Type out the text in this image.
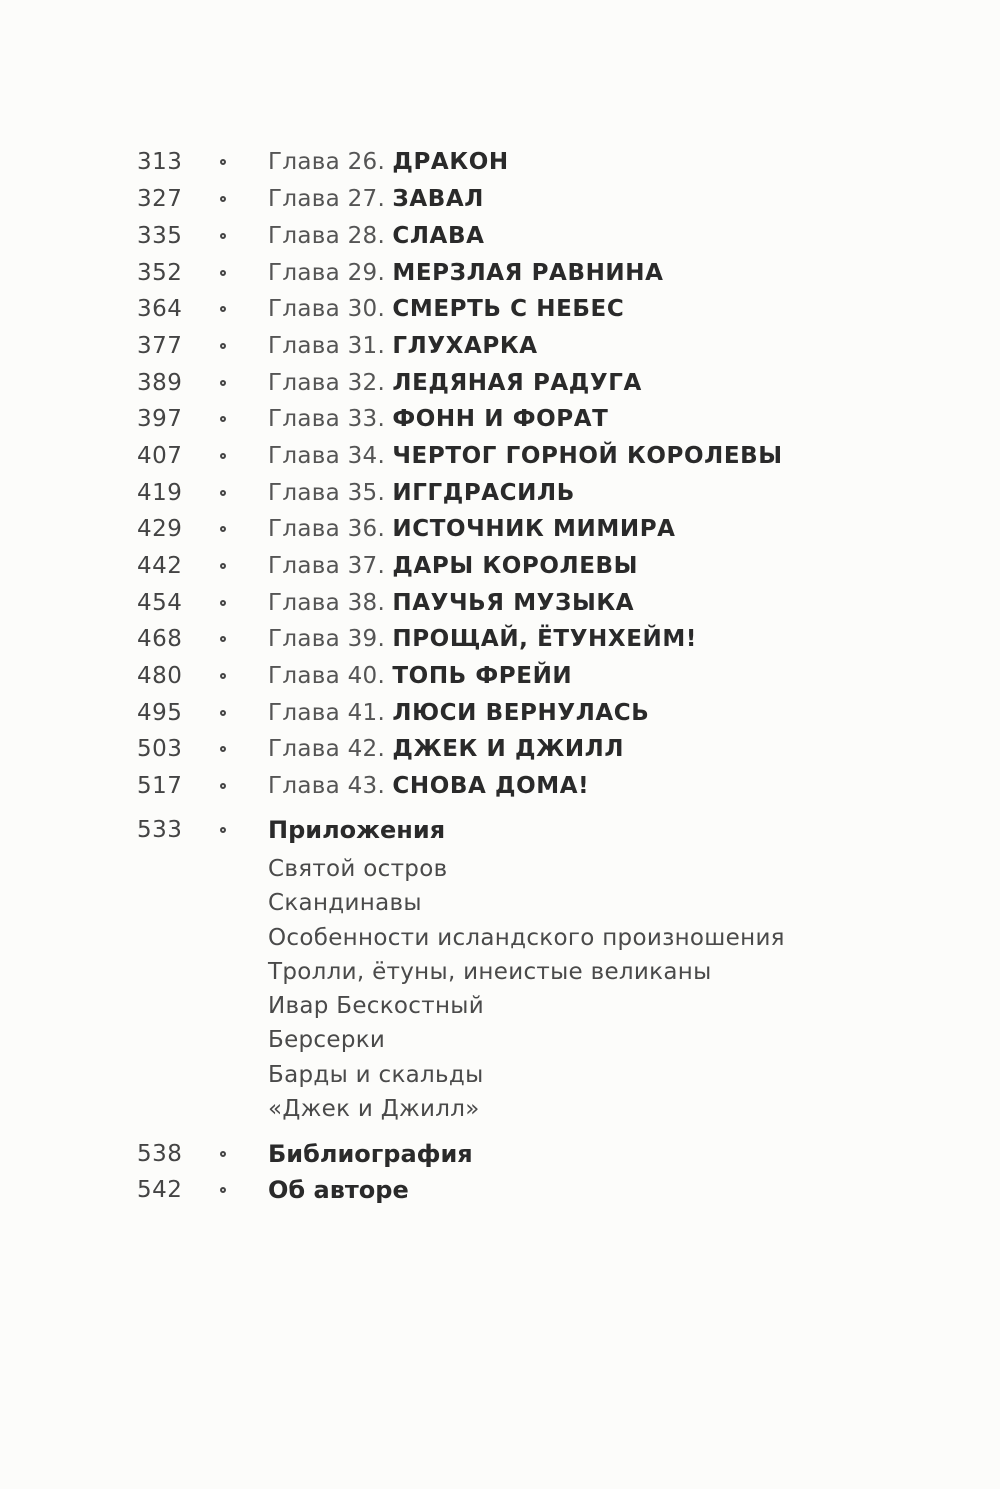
313	Глава 26. ДРАКОН
327	Глава 27. ЗАВАЛ
335	Глава 28. СЛАВА
352	Глава 29. МЕРЗЛАЯ РАВНИНА
364	Глава 30. СМЕРТЬ С НЕБЕС
377	Глава 31. ГЛУХАРКА
389	Глава 32. ЛЕДЯНАЯ РАДУГА
397	Глава 33. ФОНН И ФОРАТ
407	Глава 34. ЧЕРТОГ ГОРНОЙ КОРОЛЕВЫ
419	Глава 35. ИГГДРАСИЛЬ
429	Глава 36. ИСТОЧНИК МИМИРА
442	Глава 37. ДАРЫ КОРОЛЕВЫ
454	Глава 38. ПАУЧЬЯ МУЗЫКА
468	Глава 39. ПРОЩАЙ, ЁТУНХЕЙМ!
480	Глава 40. ТОПЬ ФРЕЙИ
495	Глава 41. ЛЮСИ ВЕРНУЛАСЬ
503	Глава 42. ДЖЕК И ДЖИЛЛ
517	Глава 43. СНОВА ДОМА!
533	Приложения
Святой остров
Скандинавы
Особенности исландского произношения
Тролли, ётуны, инеистые великаны
Ивар Бескостный
Берсерки
Барды и скальды
«Джек и Джилл»
538	Библиография
542	Об авторе
